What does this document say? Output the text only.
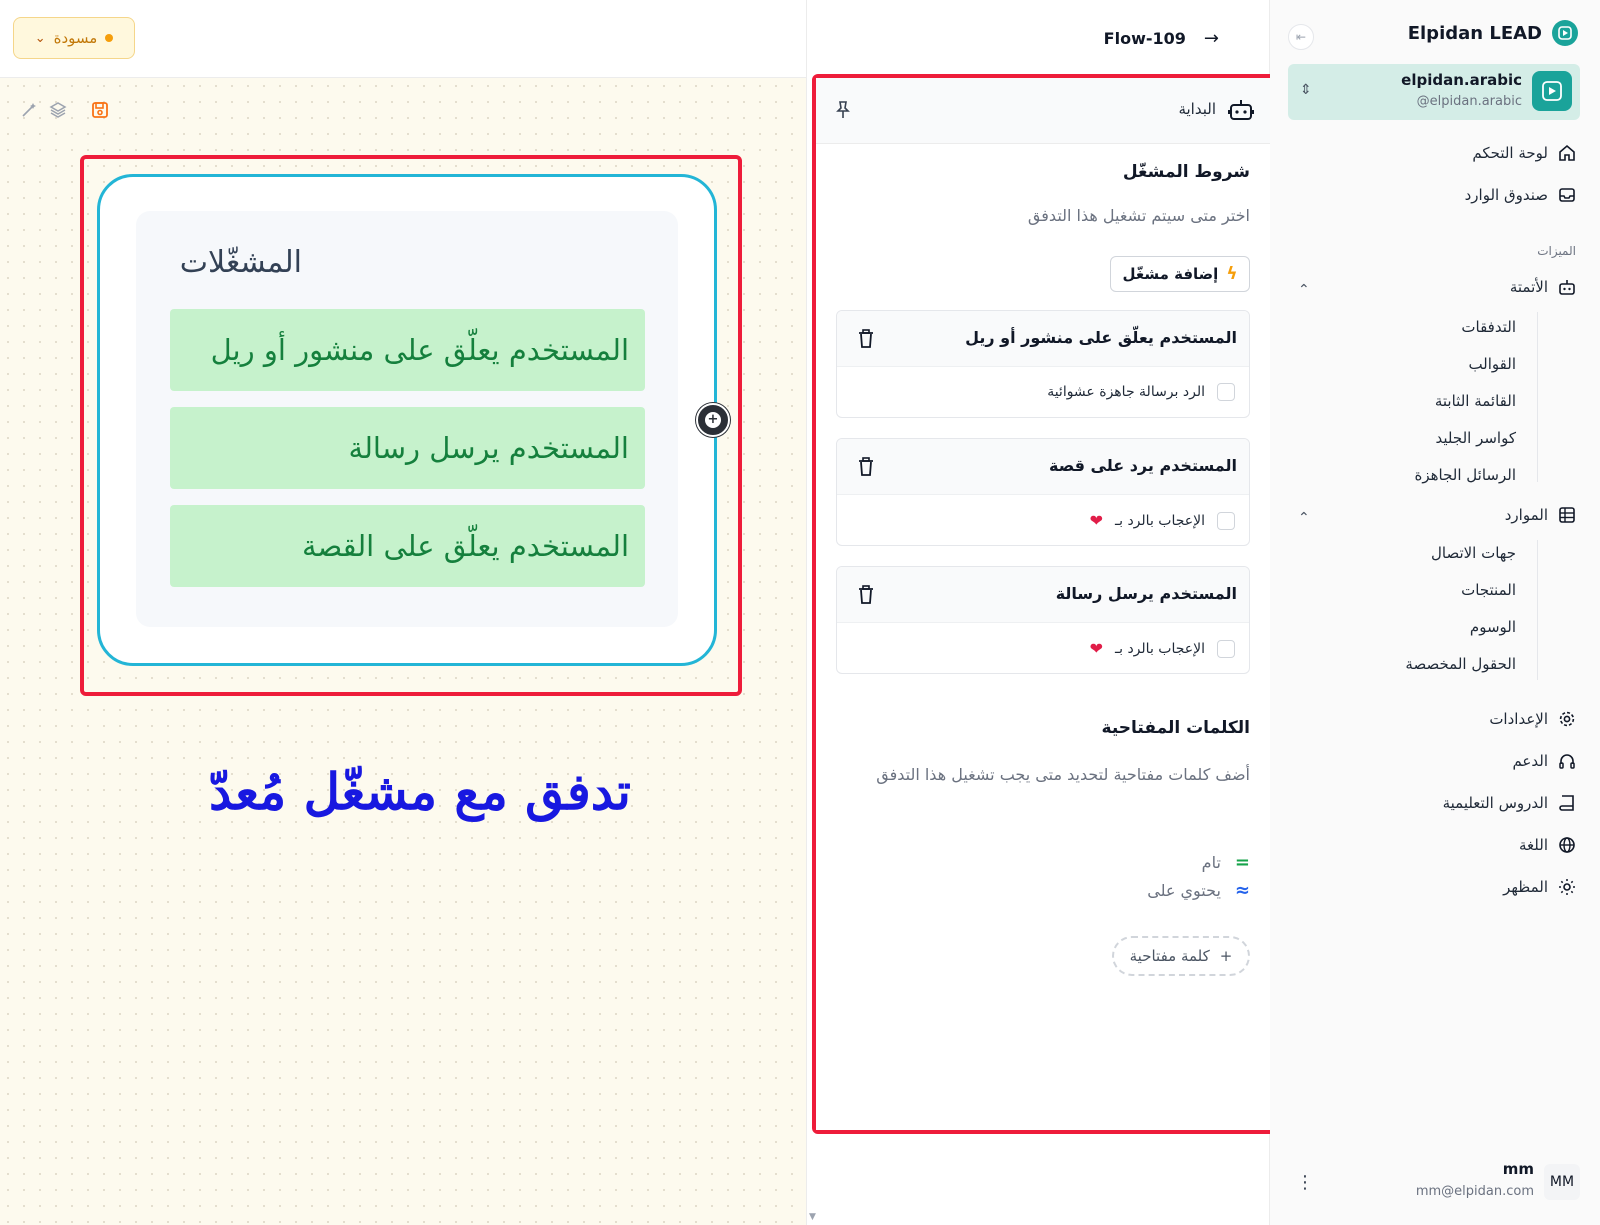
مسودة
⌄
المشغّلات
المستخدم يعلّق على منشور أو ريل
المستخدم يرسل رسالة
المستخدم يعلّق على القصة
+
تدفق مع مشغّل مُعدّ
Flow-109 →
البداية
شروط المشغّل
اختر متى سيتم تشغيل هذا التدفق
ϟ
إضافة مشغّل
المستخدم يعلّق على منشور أو ريل
الرد برسالة جاهزة عشوائية
المستخدم يرد على قصة
الإعجاب بالرد بـ
❤
المستخدم يرسل رسالة
الإعجاب بالرد بـ
❤
الكلمات المفتاحية
أضف كلمات مفتاحية لتحديد متى يجب تشغيل هذا التدفق
=
تام
≈
يحتوي على
+
كلمة مفتاحية
▼
Elpidan LEAD
⇤
elpidan.arabic
@elpidan.arabic
⇕
لوحة التحكم
صندوق الوارد
الميزات
الأتمتة
⌃
التدفقات
القوالب
القائمة الثابتة
كواسر الجليد
الرسائل الجاهزة
الموارد
⌃
جهات الاتصال
المنتجات
الوسوم
الحقول المخصصة
الإعدادات
الدعم
الدروس التعليمية
اللغة
المظهر
MM
mm
mm@elpidan.com
⋮
